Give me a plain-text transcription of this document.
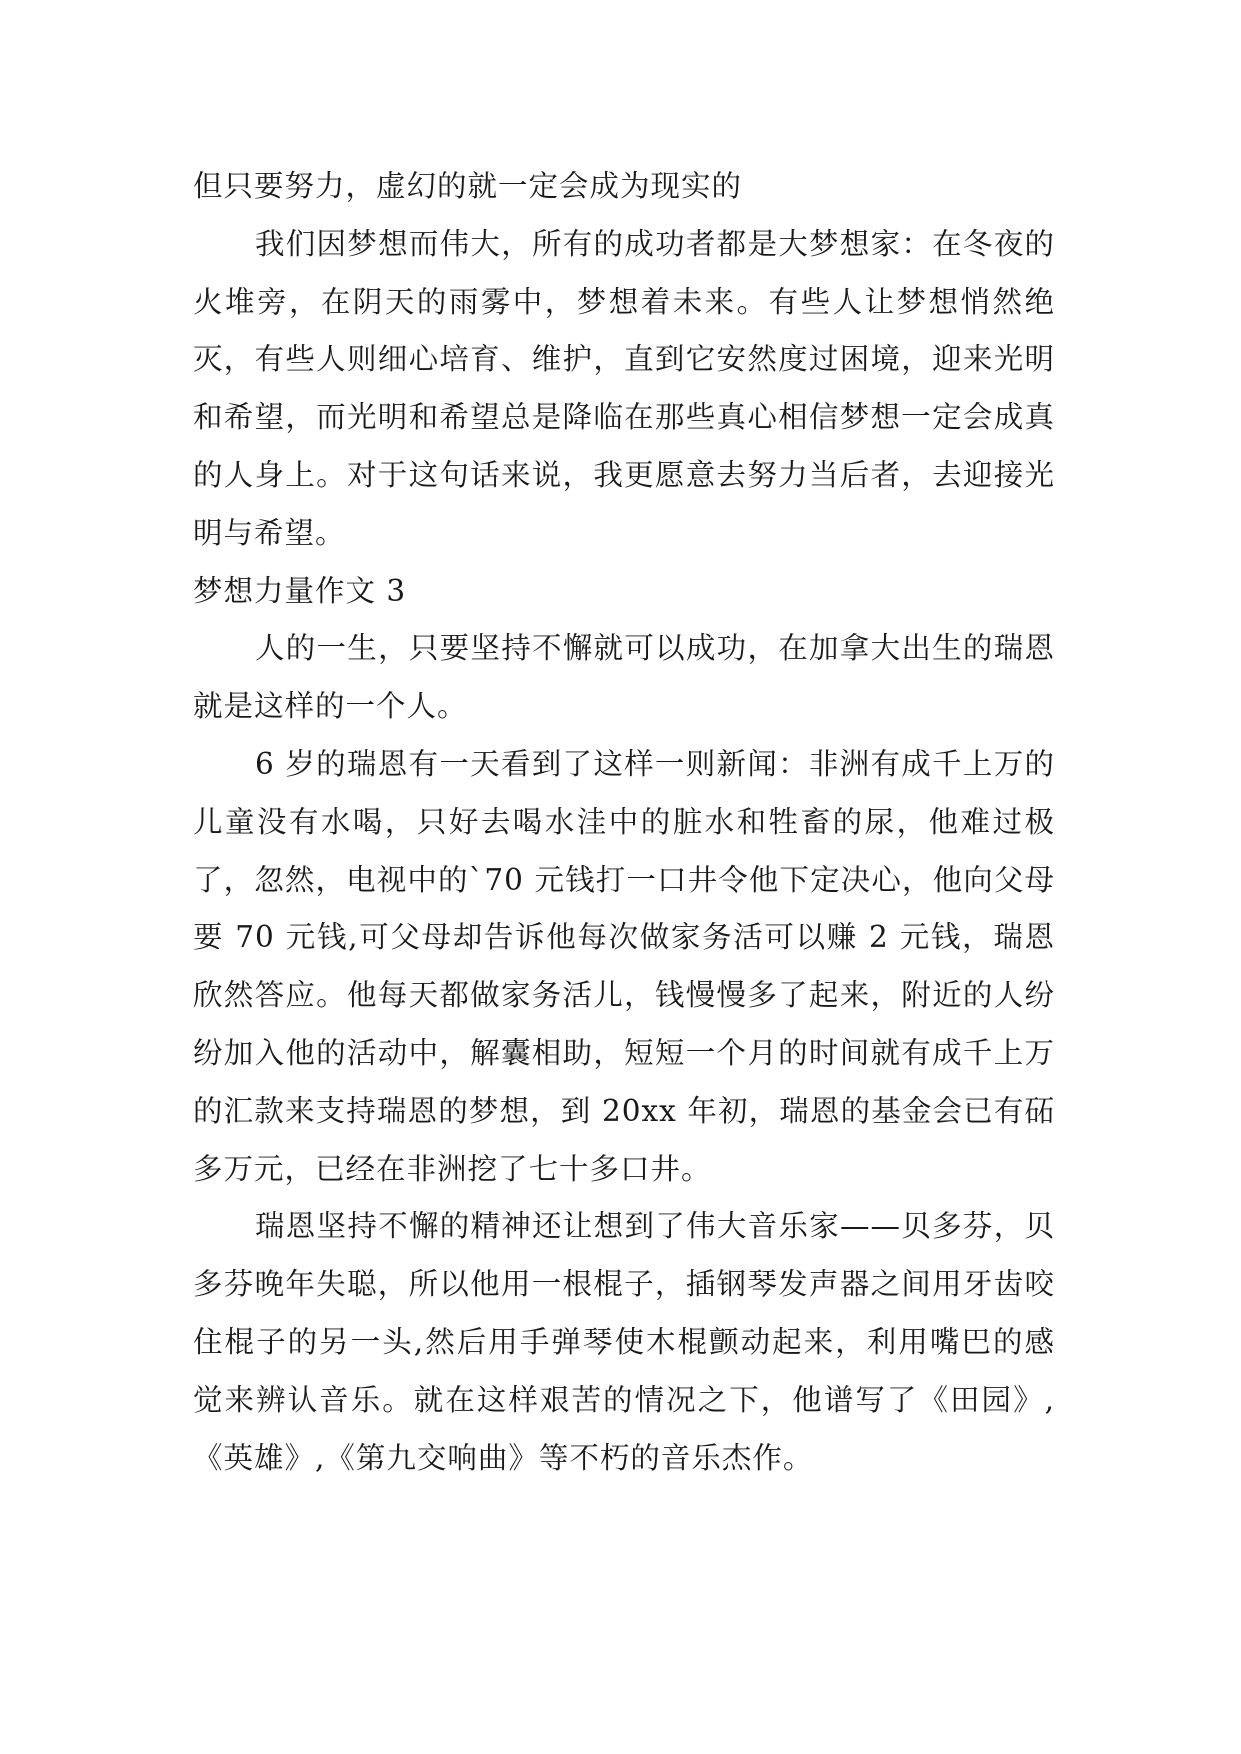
但只要努力，虚幻的就一定会成为现实的

我们因梦想而伟大，所有的成功者都是大梦想家：在冬夜的火堆旁，在阴天的雨雾中，梦想着未来。有些人让梦想悄然绝灭，有些人则细心培育、维护，直到它安然度过困境，迎来光明和希望，而光明和希望总是降临在那些真心相信梦想一定会成真的人身上。对于这句话来说，我更愿意去努力当后者，去迎接光明与希望。

梦想力量作文 3

人的一生，只要坚持不懈就可以成功，在加拿大出生的瑞恩就是这样的一个人。

6 岁的瑞恩有一天看到了这样一则新闻：非洲有成千上万的儿童没有水喝，只好去喝水洼中的脏水和牲畜的尿，他难过极了，忽然，电视中的`70 元钱打一口井令他下定决心，他向父母要 70 元钱,可父母却告诉他每次做家务活可以赚 2 元钱，瑞恩欣然答应。他每天都做家务活儿，钱慢慢多了起来，附近的人纷纷加入他的活动中，解囊相助，短短一个月的时间就有成千上万的汇款来支持瑞恩的梦想，到 20xx 年初，瑞恩的基金会已有砳多万元，已经在非洲挖了七十多口井。

瑞恩坚持不懈的精神还让想到了伟大音乐家——贝多芬，贝多芬晚年失聪，所以他用一根棍子，插钢琴发声器之间用牙齿咬住棍子的另一头,然后用手弹琴使木棍颤动起来，利用嘴巴的感觉来辨认音乐。就在这样艰苦的情况之下，他谱写了《田园》,《英雄》,《第九交响曲》等不朽的音乐杰作。
